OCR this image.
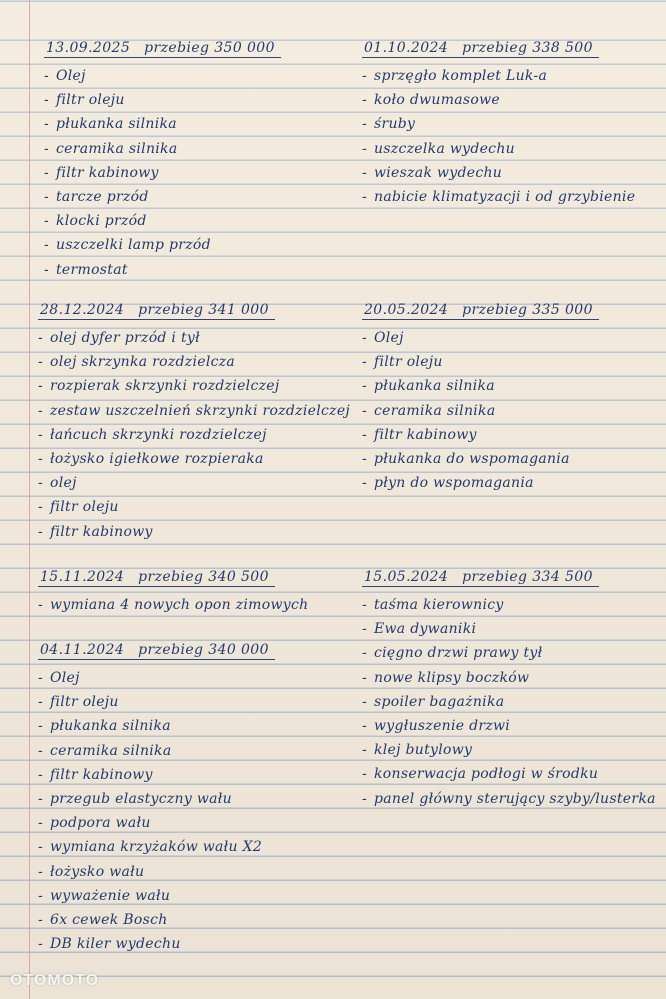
13.09.2025 przebieg 350 000
- Olej
- filtr oleju
- płukanka silnika
- ceramika silnika
- filtr kabinowy
- tarcze przód
- klocki przód
- uszczelki lamp przód
- termostat
01.10.2024 przebieg 338 500
- sprzęgło komplet Luk-a
- koło dwumasowe
- śruby
- uszczelka wydechu
- wieszak wydechu
- nabicie klimatyzacji i od grzybienie
28.12.2024 przebieg 341 000
- olej dyfer przód i tył
- olej skrzynka rozdzielcza
- rozpierak skrzynki rozdzielczej
- zestaw uszczelnień skrzynki rozdzielczej
- łańcuch skrzynki rozdzielczej
- łożysko igiełkowe rozpieraka
- olej
- filtr oleju
- filtr kabinowy
20.05.2024 przebieg 335 000
- Olej
- filtr oleju
- płukanka silnika
- ceramika silnika
- filtr kabinowy
- płukanka do wspomagania
- płyn do wspomagania
15.11.2024 przebieg 340 500
- wymiana 4 nowych opon zimowych
15.05.2024 przebieg 334 500
- taśma kierownicy
- Ewa dywaniki
- cięgno drzwi prawy tył
- nowe klipsy boczków
- spoiler bagażnika
- wygłuszenie drzwi
- klej butylowy
- konserwacja podłogi w środku
- panel główny sterujący szyby/lusterka
04.11.2024 przebieg 340 000
- Olej
- filtr oleju
- płukanka silnika
- ceramika silnika
- filtr kabinowy
- przegub elastyczny wału
- podpora wału
- wymiana krzyżaków wału X2
- łożysko wału
- wyważenie wału
- 6x cewek Bosch
- DB kiler wydechu
OTOMOTO
